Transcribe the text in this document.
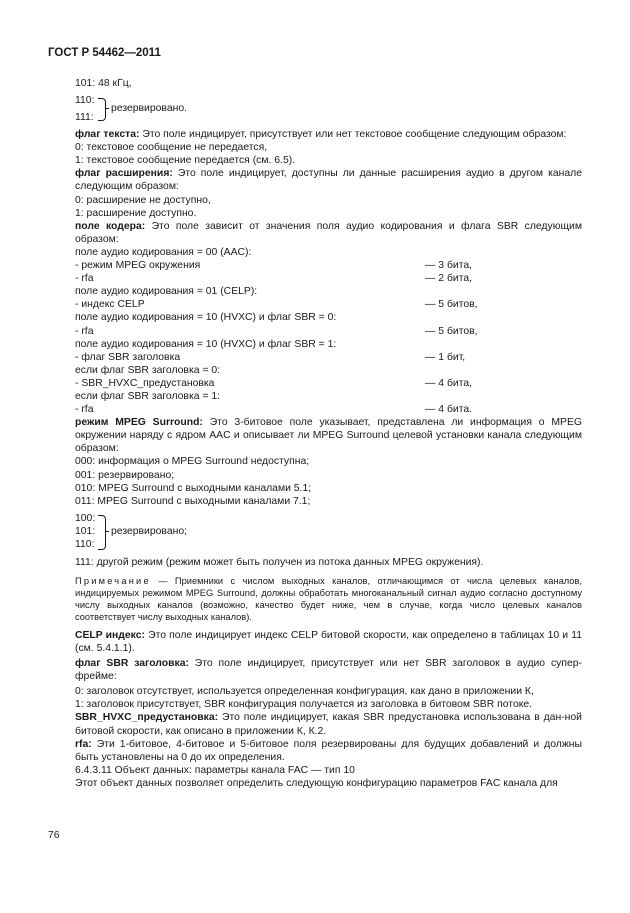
ГОСТ Р 54462—2011

101: 48 кГц,

110:
111:
резервировано.

флаг текста: Это поле индицирует, присутствует или нет текстовое сообщение следующим образом:

0: текстовое сообщение не передается,

1: текстовое сообщение передается (см. 6.5).

флаг расширения: Это поле индицирует, доступны ли данные расширения аудио в другом канале следующим образом:

0: расширение не доступно,

1: расширение доступно.

поле кодера: Это поле зависит от значения поля аудио кодирования и флага SBR следующим образом:

поле аудио кодирования = 00 (AAC):
- режим MPEG окружения	— 3 бита,
- rfa	— 2 бита,
поле аудио кодирования = 01 (CELP):
- индекс CELP	— 5 битов,
поле аудио кодирования = 10 (HVXC) и флаг SBR = 0:
- rfa	— 5 битов,
поле аудио кодирования = 10 (HVXC) и флаг SBR = 1:
- флаг SBR заголовка	— 1 бит,
если флаг SBR заголовка = 0:
- SBR_HVXC_предустановка	— 4 бита,
если флаг SBR заголовка = 1:
- rfa	— 4 бита.

режим MPEG Surround: Это 3-битовое поле указывает, представлена ли информация о MPEG окружении наряду с ядром AAC и описывает ли MPEG Surround целевой установки канала следующим образом:

000: информация о MPEG Surround недоступна;

001: резервировано;

010: MPEG Surround с выходными каналами 5.1;

011: MPEG Surround с выходными каналами 7.1;

100:
101:
110:
резервировано;

111: другой режим (режим может быть получен из потока данных MPEG окружения).

Примечание — Приемники с числом выходных каналов, отличающимся от числа целевых каналов, индицируемых режимом MPEG Surround, должны обработать многоканальный сигнал аудио согласно доступному числу выходных каналов (возможно, качество будет ниже, чем в случае, когда число целевых каналов соответствует числу выходных каналов).

CELP индекс: Это поле индицирует индекс CELP битовой скорости, как определено в таблицах 10 и 11 (см. 5.4.1.1).

флаг SBR заголовка: Это поле индицирует, присутствует или нет SBR заголовок в аудио супер-фрейме:

0: заголовок отсутствует, используется определенная конфигурация, как дано в приложении К,

1: заголовок присутствует, SBR конфигурация получается из заголовка в битовом SBR потоке.

SBR_HVXC_предустановка: Это поле индицирует, какая SBR предустановка использована в дан-ной битовой скорости, как описано в приложении К, К.2.

rfa: Эти 1-битовое, 4-битовое и 5-битовое поля резервированы для будущих добавлений и должны быть установлены на 0 до их определения.

6.4.3.11 Объект данных: параметры канала FAC — тип 10

Этот объект данных позволяет определить следующую конфигурацию параметров FAC канала для

76
